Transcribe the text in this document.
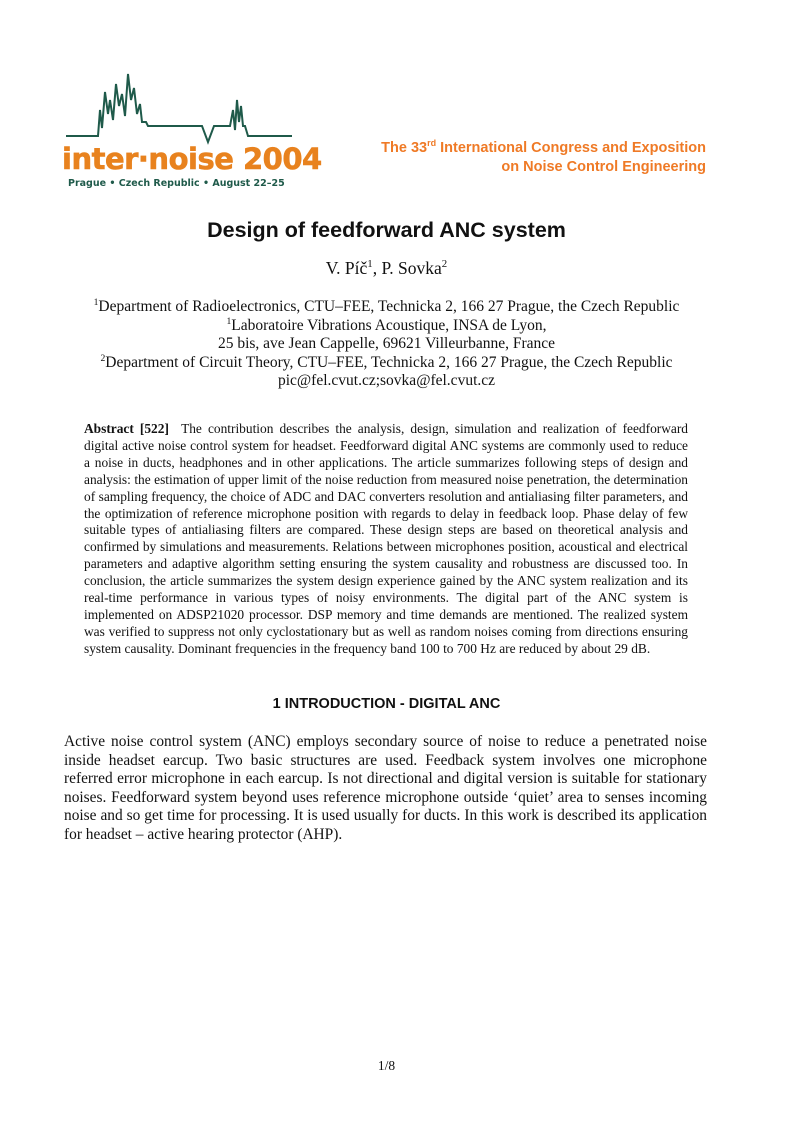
inter·noise 2004
Prague • Czech Republic • August 22–25
The 33rd International Congress and Exposition
on Noise Control Engineering
Design of feedforward ANC system
V. Píč$^1$, P. Sovka$^2$
$^1$Department of Radioelectronics, CTU–FEE, Technicka 2, 166 27 Prague, the Czech Republic
$^1$Laboratoire Vibrations Acoustique, INSA de Lyon,
25 bis, ave Jean Cappelle, 69621 Villeurbanne, France
$^2$Department of Circuit Theory, CTU–FEE, Technicka 2, 166 27 Prague, the Czech Republic
pic@fel.cvut.cz;sovka@fel.cvut.cz
Abstract [522] The contribution describes the analysis, design, simulation and realization of feedforward digital active noise control system for headset. Feedforward digital ANC systems are commonly used to reduce a noise in ducts, headphones and in other applications. The article summarizes following steps of design and analysis: the estimation of upper limit of the noise reduction from measured noise penetration, the determination of sampling frequency, the choice of ADC and DAC converters resolution and antialiasing filter parameters, and the optimization of reference microphone position with regards to delay in feedback loop. Phase delay of few suitable types of antialiasing filters are compared. These design steps are based on theoretical analysis and confirmed by simulations and measurements. Relations between microphones position, acoustical and electrical parameters and adaptive algorithm setting ensuring the system causality and robustness are discussed too. In conclusion, the article summarizes the system design experience gained by the ANC system realization and its real-time performance in various types of noisy environments. The digital part of the ANC system is implemented on ADSP21020 processor. DSP memory and time demands are mentioned. The realized system was verified to suppress not only cyclostationary but as well as random noises coming from directions ensuring system causality. Dominant frequencies in the frequency band 100 to 700 Hz are reduced by about 29 dB.
1 INTRODUCTION - DIGITAL ANC
Active noise control system (ANC) employs secondary source of noise to reduce a penetrated noise inside headset earcup. Two basic structures are used. Feedback system involves one microphone referred error microphone in each earcup. Is not directional and digital version is suitable for stationary noises. Feedforward system beyond uses reference microphone outside ‘quiet’ area to senses incoming noise and so get time for processing. It is used usually for ducts. In this work is described its application for headset – active hearing protector (AHP).
1/8
